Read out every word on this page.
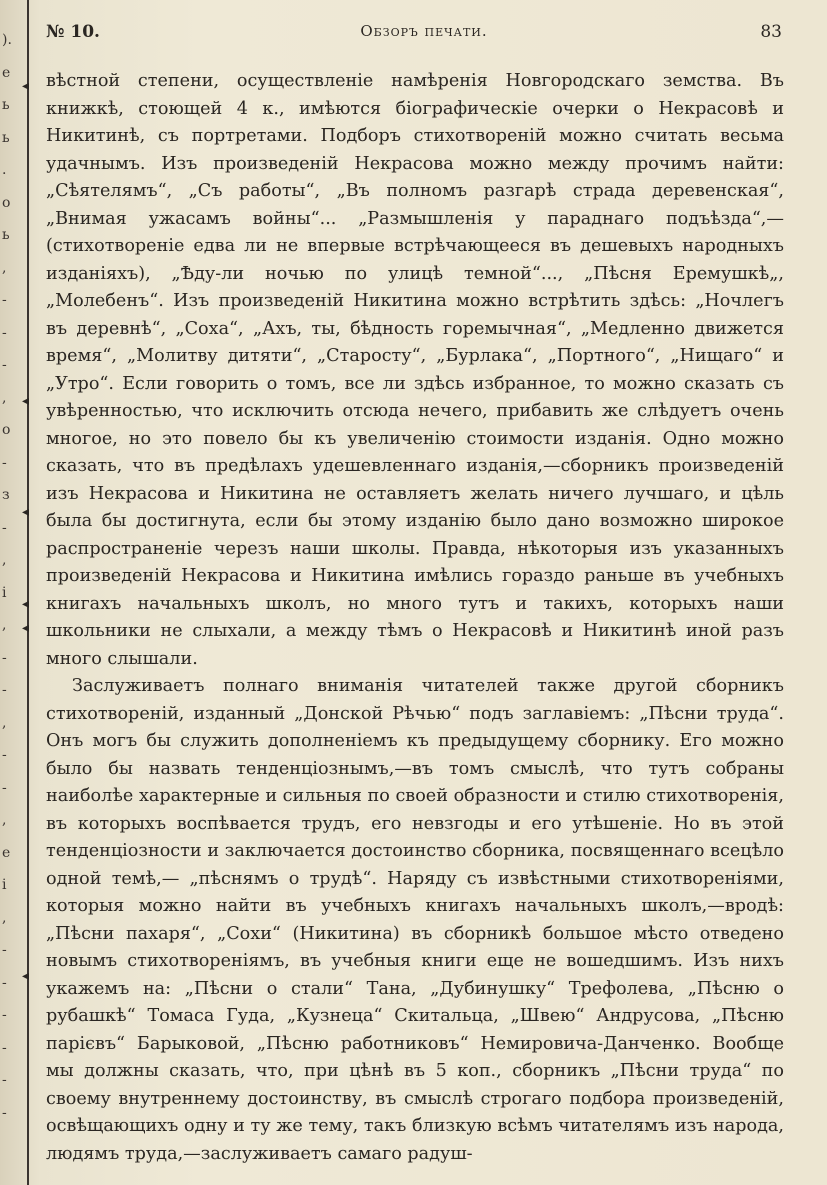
).
е
ь
ь
.
о
ь
,
-
-
-
,
о
-
з
-
,
і
,
-
-
,
-
-
,
е
і
,
-
-
-
-
-
-
◂
◂
◂
◂
◂
◂
№ 10.	Обзоръ печати.	83

вѣстной степени, осуществленіе намѣренія Новгородскаго земства. Въ книжкѣ, стоющей 4 к., имѣются біографическіе очерки о Некрасовѣ и Никитинѣ, съ портретами. Подборъ стихотвореній можно считать весьма удачнымъ. Изъ произведеній Некрасова можно между прочимъ найти: „Сѣятелямъ“, „Съ работы“, „Въ полномъ разгарѣ страда деревенская“, „Внимая ужасамъ войны“... „Размышленія у параднаго подъѣзда“,—(стихотвореніе едва ли не впервые встрѣчающееся въ дешевыхъ народныхъ изданіяхъ), „Ѣду-ли ночью по улицѣ темной“..., „Пѣсня Еремушкѣ„, „Молебенъ“. Изъ произведеній Никитина можно встрѣтить здѣсь: „Ночлегъ въ деревнѣ“, „Соха“, „Ахъ, ты, бѣдность горемычная“, „Медленно движется время“, „Молитву дитяти“, „Старосту“, „Бурлака“, „Портного“, „Нищаго“ и „Утро“. Если говорить о томъ, все ли здѣсь избранное, то можно сказать съ увѣренностью, что исключить отсюда нечего, прибавить же слѣдуетъ очень многое, но это повело бы къ увеличенію стоимости изданія. Одно можно сказать, что въ предѣлахъ удешевленнаго изданія,—сборникъ произведеній изъ Некрасова и Никитина не оставляетъ желать ничего лучшаго, и цѣль была бы достигнута, если бы этому изданію было дано возможно широкое распространеніе черезъ наши школы. Правда, нѣкоторыя изъ указанныхъ произведеній Некрасова и Никитина имѣлись гораздо раньше въ учебныхъ книгахъ начальныхъ школъ, но много тутъ и такихъ, которыхъ наши школьники не слыхали, а между тѣмъ о Некрасовѣ и Никитинѣ иной разъ много слышали.

Заслуживаетъ полнаго вниманія читателей также другой сборникъ стихотвореній, изданный „Донской Рѣчью“ подъ заглавіемъ: „Пѣсни труда“. Онъ могъ бы служить дополненіемъ къ предыдущему сборнику. Его можно было бы назвать тенденціознымъ,—въ томъ смыслѣ, что тутъ собраны наиболѣе характерные и сильныя по своей образности и стилю стихотворенія, въ которыхъ воспѣвается трудъ, его невзгоды и его утѣшеніе. Но въ этой тенденціозности и заключается достоинство сборника, посвященнаго всецѣло одной темѣ,— „пѣснямъ о трудѣ“. Наряду съ извѣстными стихотвореніями, которыя можно найти въ учебныхъ книгахъ начальныхъ школъ,—вродѣ: „Пѣсни пахаря“, „Сохи“ (Никитина) въ сборникѣ большое мѣсто отведено новымъ стихотвореніямъ, въ учебныя книги еще не вошедшимъ. Изъ нихъ укажемъ на: „Пѣсни о стали“ Тана, „Дубинушку“ Трефолева, „Пѣсню о рубашкѣ“ Томаса Гуда, „Кузнеца“ Скитальца, „Швею“ Андрусова, „Пѣсню парієвъ“ Барыковой, „Пѣсню работниковъ“ Немировича-Данченко. Вообще мы должны сказать, что, при цѣнѣ въ 5 коп., сборникъ „Пѣсни труда“ по своему внутреннему достоинству, въ смыслѣ строгаго подбора произведеній, освѣщающихъ одну и ту же тему, такъ близкую всѣмъ читателямъ изъ народа, людямъ труда,—заслуживаетъ самаго радуш-
